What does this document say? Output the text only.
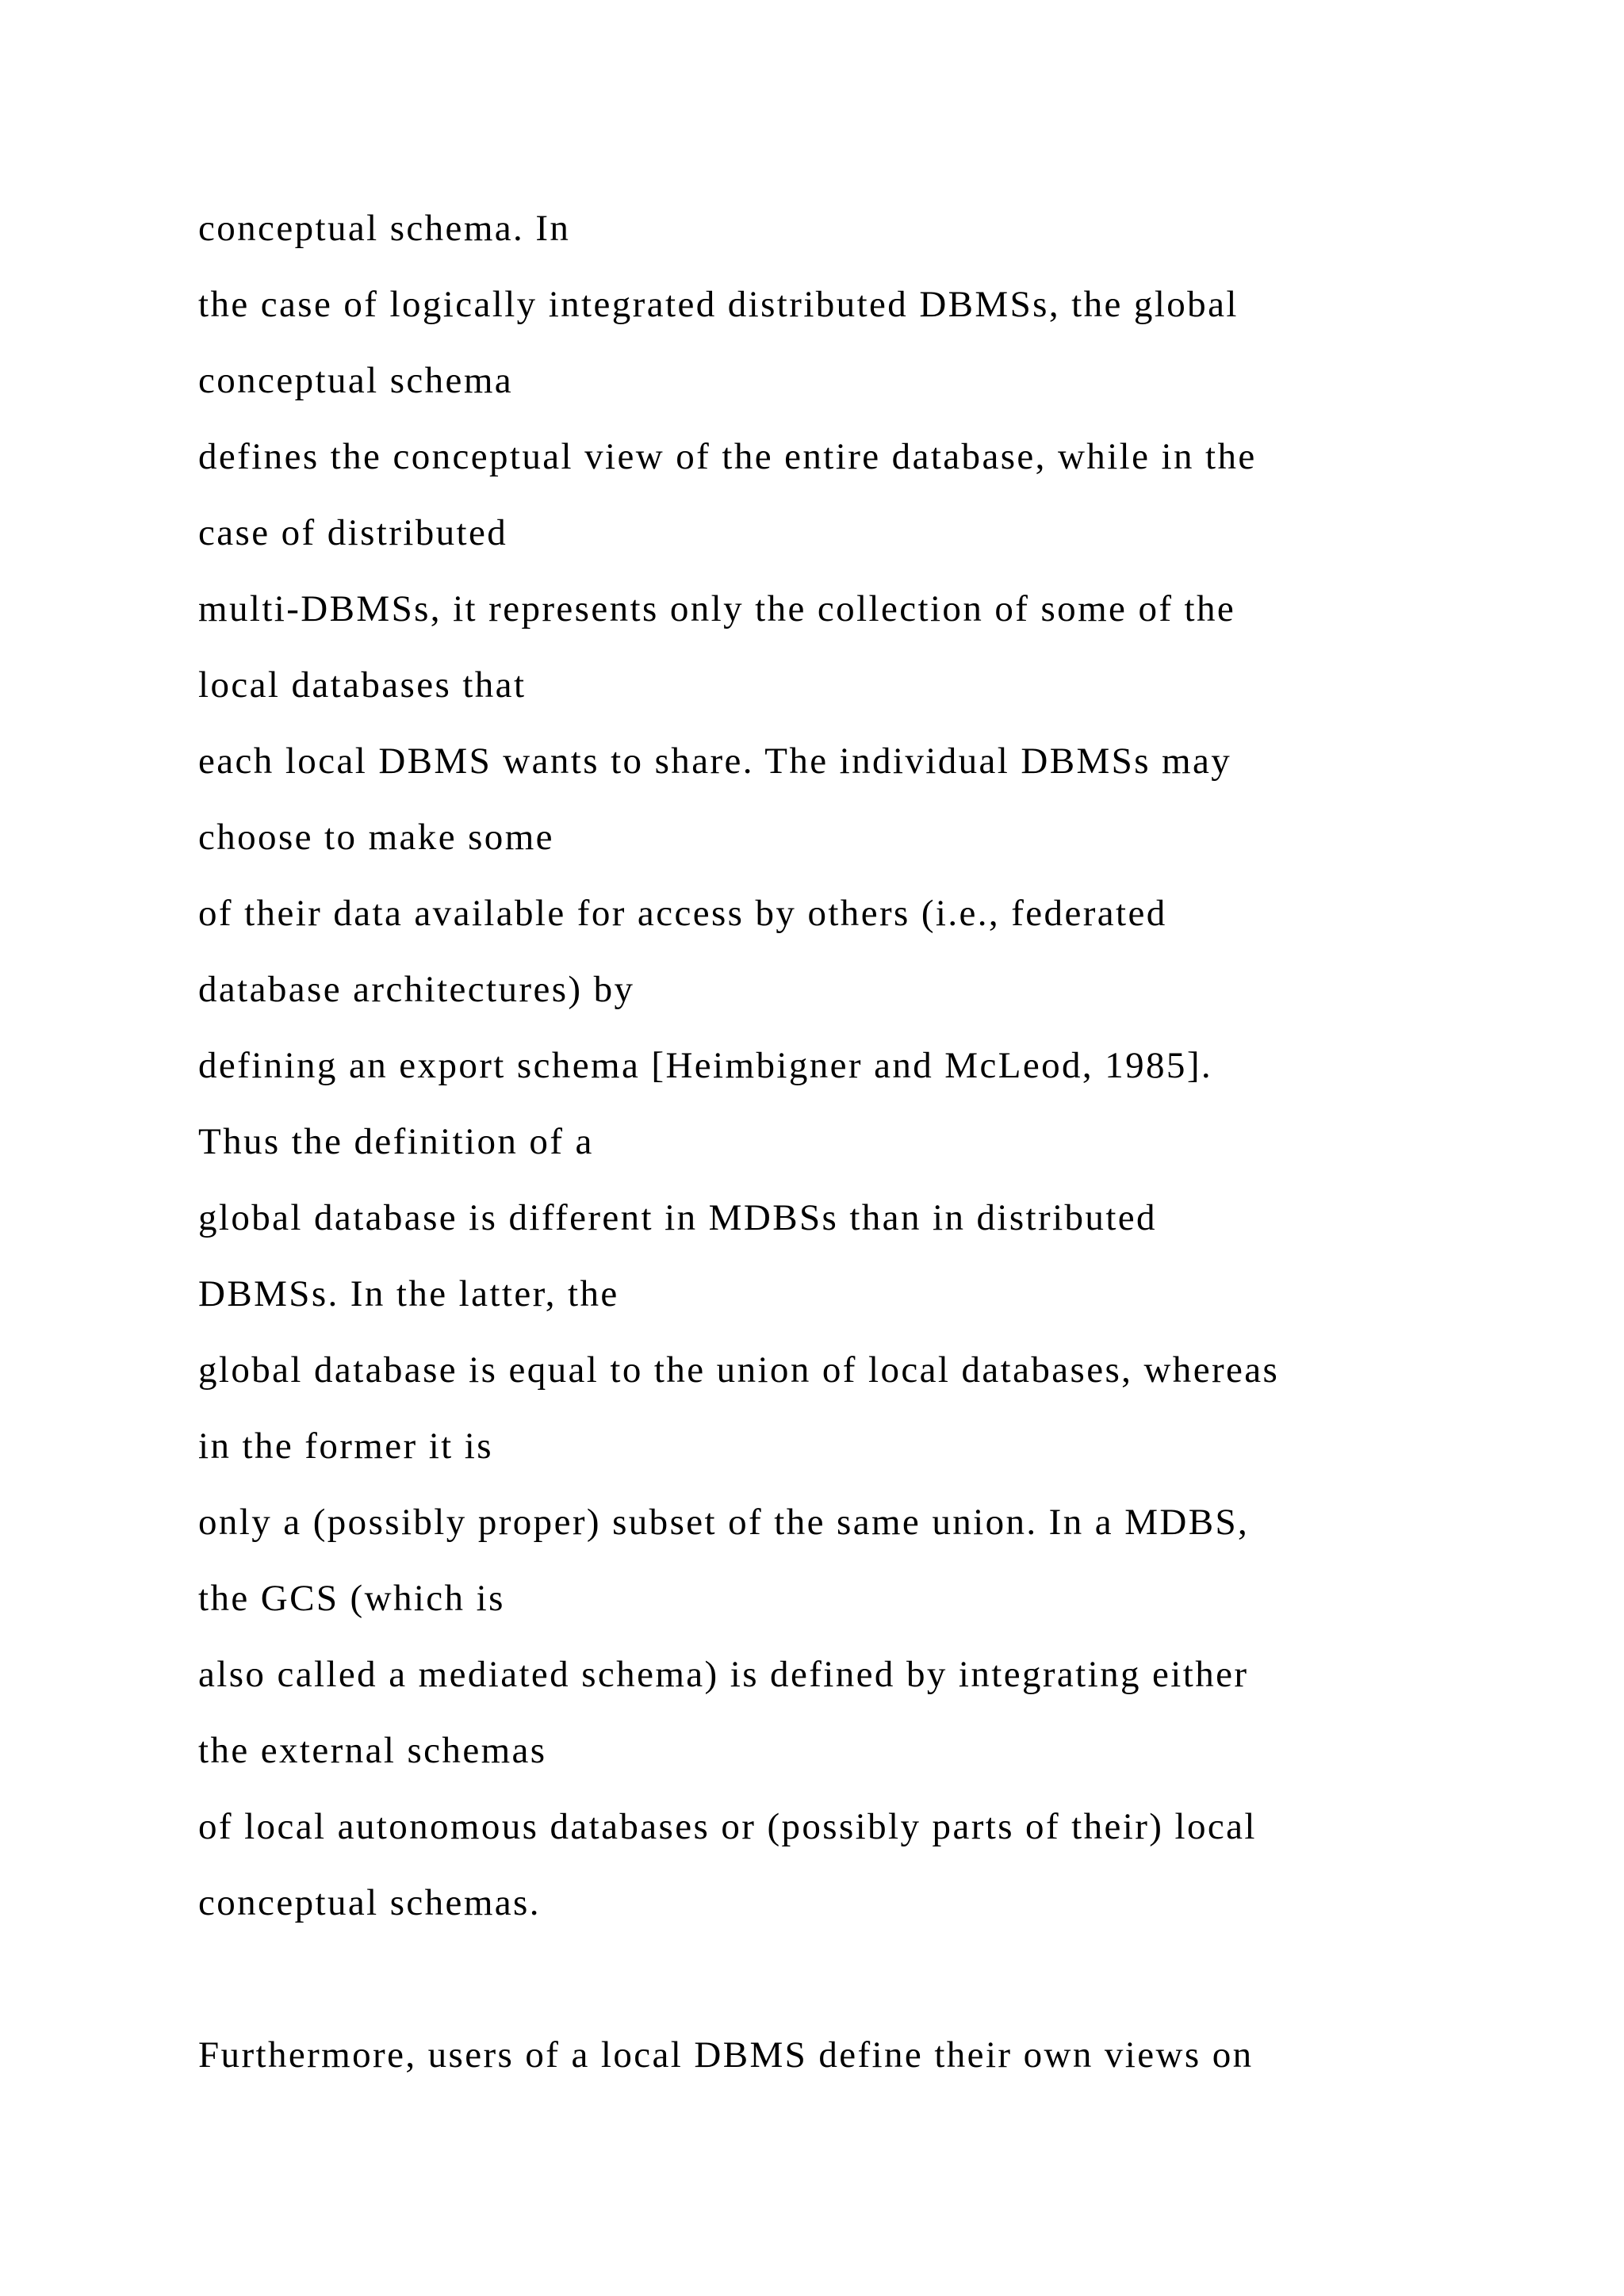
conceptual schema. In
the case of logically integrated distributed DBMSs, the global
conceptual schema
defines the conceptual view of the entire database, while in the
case of distributed
multi-DBMSs, it represents only the collection of some of the
local databases that
each local DBMS wants to share. The individual DBMSs may
choose to make some
of their data available for access by others (i.e., federated
database architectures) by
defining an export schema [Heimbigner and McLeod, 1985].
Thus the definition of a
global database is different in MDBSs than in distributed
DBMSs. In the latter, the
global database is equal to the union of local databases, whereas
in the former it is
only a (possibly proper) subset of the same union. In a MDBS,
the GCS (which is
also called a mediated schema) is defined by integrating either
the external schemas
of local autonomous databases or (possibly parts of their) local
conceptual schemas.
Furthermore, users of a local DBMS define their own views on
